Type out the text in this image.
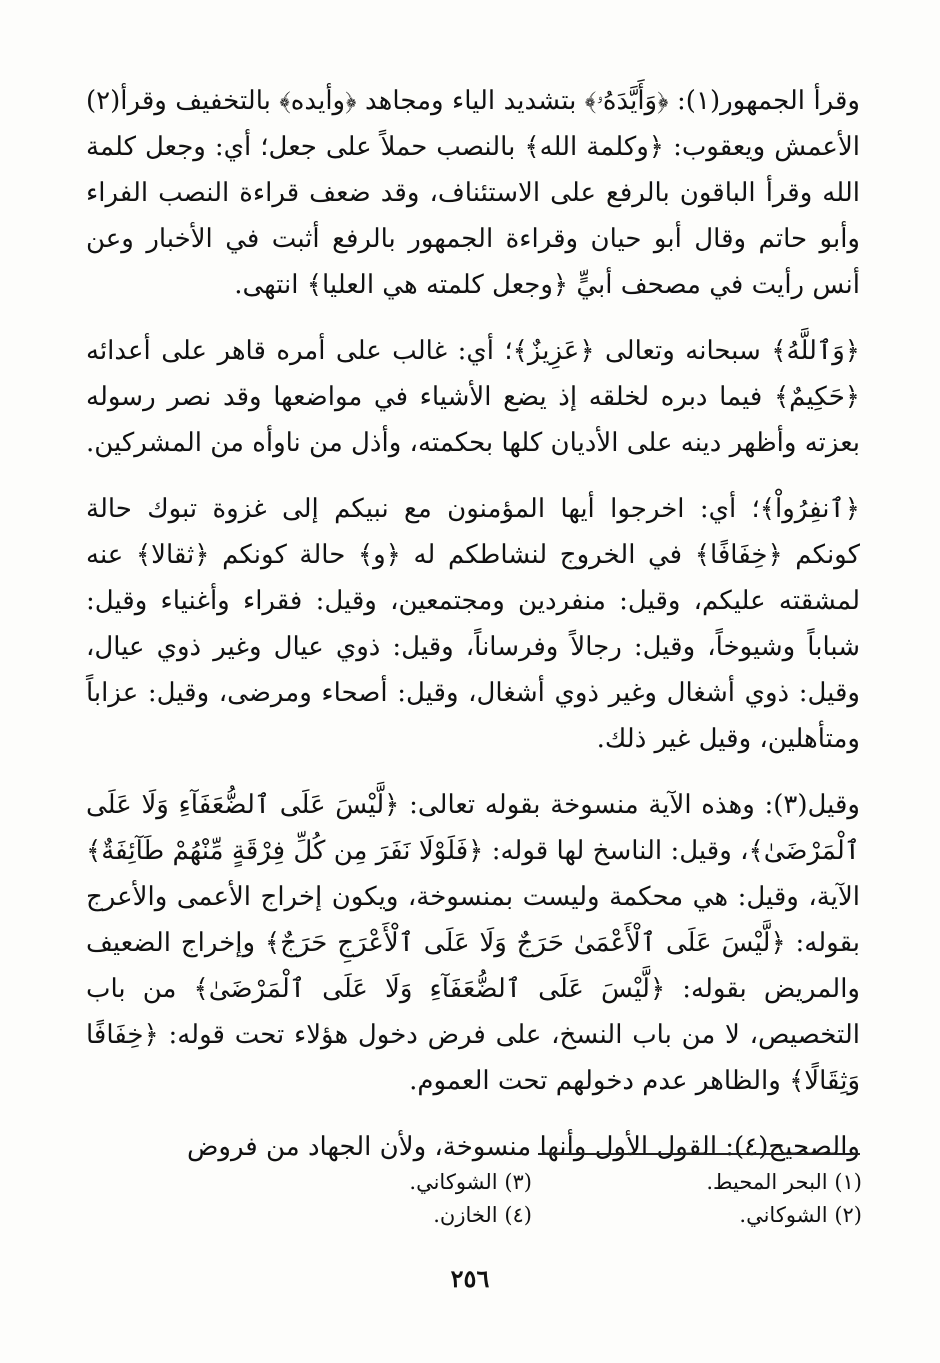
وقرأ الجمهور(١): ﴿وَأَيَّدَهُۥ﴾ بتشديد الياء ومجاهد ﴿وأيده﴾ بالتخفيف وقرأ(٢) الأعمش ويعقوب: ﴿وكلمة الله﴾ بالنصب حملاً على جعل؛ أي: وجعل كلمة الله وقرأ الباقون بالرفع على الاستئناف، وقد ضعف قراءة النصب الفراء وأبو حاتم وقال أبو حيان وقراءة الجمهور بالرفع أثبت في الأخبار وعن أنس رأيت في مصحف أبيٍّ ﴿وجعل كلمته هي العليا﴾ انتهى.

﴿وَٱللَّهُ﴾ سبحانه وتعالى ﴿عَزِيزٌ﴾؛ أي: غالب على أمره قاهر على أعدائه ﴿حَكِيمٌ﴾ فيما دبره لخلقه إذ يضع الأشياء في مواضعها وقد نصر رسوله بعزته وأظهر دينه على الأديان كلها بحكمته، وأذل من ناوأه من المشركين.

﴿ٱنفِرُواْ﴾؛ أي: اخرجوا أيها المؤمنون مع نبيكم إلى غزوة تبوك حالة كونكم ﴿خِفَافًا﴾ في الخروج لنشاطكم له ﴿و﴾ حالة كونكم ﴿ثقالا﴾ عنه لمشقته عليكم، وقيل: منفردين ومجتمعين، وقيل: فقراء وأغنياء وقيل: شباباً وشيوخاً، وقيل: رجالاً وفرساناً، وقيل: ذوي عيال وغير ذوي عيال، وقيل: ذوي أشغال وغير ذوي أشغال، وقيل: أصحاء ومرضى، وقيل: عزاباً ومتأهلين، وقيل غير ذلك.

وقيل(٣): وهذه الآية منسوخة بقوله تعالى: ﴿لَّيْسَ عَلَى ٱلضُّعَفَآءِ وَلَا عَلَى ٱلْمَرْضَىٰ﴾، وقيل: الناسخ لها قوله: ﴿فَلَوْلَا نَفَرَ مِن كُلِّ فِرْقَةٍ مِّنْهُمْ طَآئِفَةٌ﴾ الآية، وقيل: هي محكمة وليست بمنسوخة، ويكون إخراج الأعمى والأعرج بقوله: ﴿لَّيْسَ عَلَى ٱلْأَعْمَىٰ حَرَجٌ وَلَا عَلَى ٱلْأَعْرَجِ حَرَجٌ﴾ وإخراج الضعيف والمريض بقوله: ﴿لَّيْسَ عَلَى ٱلضُّعَفَآءِ وَلَا عَلَى ٱلْمَرْضَىٰ﴾ من باب التخصيص، لا من باب النسخ، على فرض دخول هؤلاء تحت قوله: ﴿خِفَافًا وَثِقَالًا﴾ والظاهر عدم دخولهم تحت العموم.

والصحيح(٤): القول الأول وأنها منسوخة، ولأن الجهاد من فروض

(١) البحر المحيط.
(٢) الشوكاني.
(٣) الشوكاني.
(٤) الخازن.
٢٥٦
